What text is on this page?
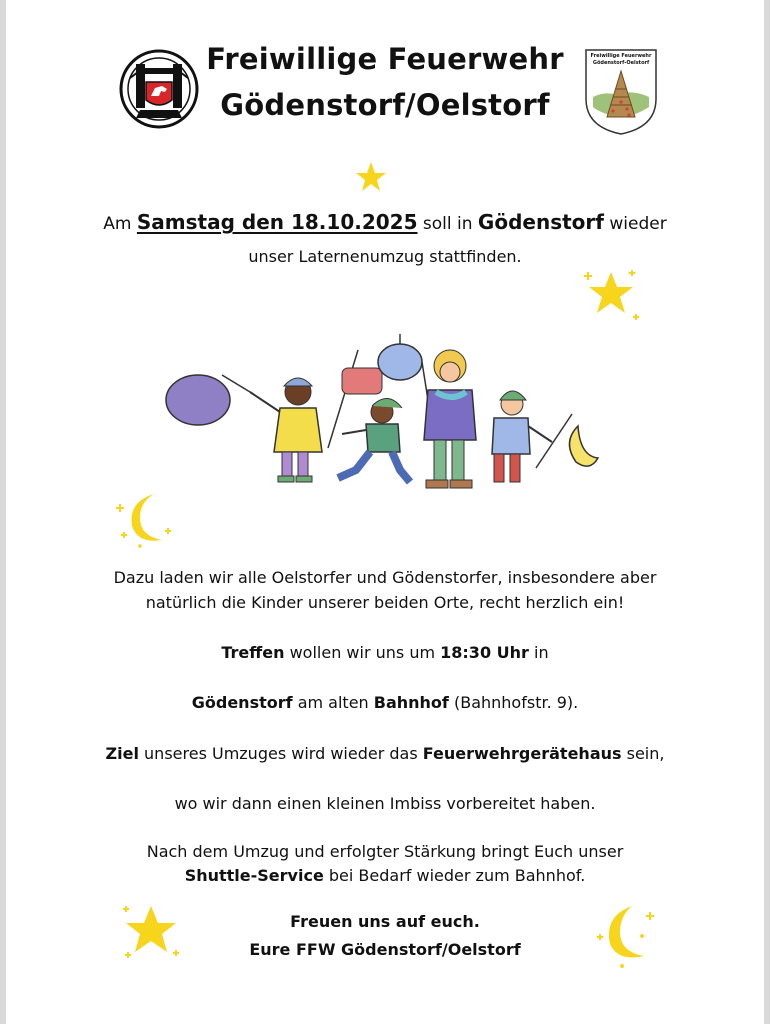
Freiwillige Feuerwehr
Gödenstorf/Oelstorf
Freiwillige Feuerwehr
Gödenstorf-Oelstorf
Am Samstag den 18.10.2025 soll in Gödenstorf wieder
unser Laternenumzug stattfinden.
Dazu laden wir alle Oelstorfer und Gödenstorfer, insbesondere aber
natürlich die Kinder unserer beiden Orte, recht herzlich ein!
Treffen wollen wir uns um 18:30 Uhr in
Gödenstorf am alten Bahnhof (Bahnhofstr. 9).
Ziel unseres Umzuges wird wieder das Feuerwehrgerätehaus sein,
wo wir dann einen kleinen Imbiss vorbereitet haben.
Nach dem Umzug und erfolgter Stärkung bringt Euch unser
Shuttle-Service bei Bedarf wieder zum Bahnhof.
Freuen uns auf euch.
Eure FFW Gödenstorf/Oelstorf
